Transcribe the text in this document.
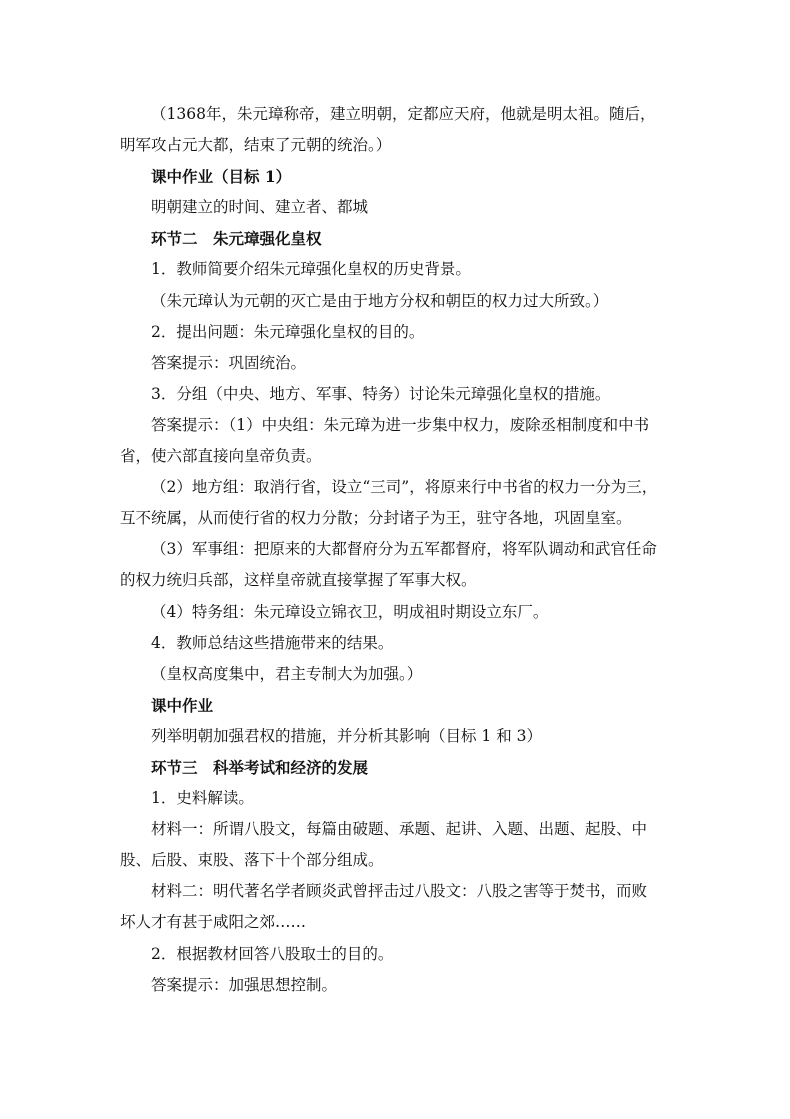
（1368年，朱元璋称帝，建立明朝，定都应天府，他就是明太祖。随后，
明军攻占元大都，结束了元朝的统治。）
课中作业（目标 1）
明朝建立的时间、建立者、都城
环节二　朱元璋强化皇权
1．教师简要介绍朱元璋强化皇权的历史背景。
（朱元璋认为元朝的灭亡是由于地方分权和朝臣的权力过大所致。）
2．提出问题：朱元璋强化皇权的目的。
答案提示：巩固统治。
3．分组（中央、地方、军事、特务）讨论朱元璋强化皇权的措施。
答案提示：（1）中央组：朱元璋为进一步集中权力，废除丞相制度和中书
省，使六部直接向皇帝负责。
（2）地方组：取消行省，设立“三司”，将原来行中书省的权力一分为三，
互不统属，从而使行省的权力分散；分封诸子为王，驻守各地，巩固皇室。
（3）军事组：把原来的大都督府分为五军都督府，将军队调动和武官任命
的权力统归兵部，这样皇帝就直接掌握了军事大权。
（4）特务组：朱元璋设立锦衣卫，明成祖时期设立东厂。
4．教师总结这些措施带来的结果。
（皇权高度集中，君主专制大为加强。）
课中作业
列举明朝加强君权的措施，并分析其影响（目标 1 和 3）
环节三　科举考试和经济的发展
1．史料解读。
材料一：所谓八股文，每篇由破题、承题、起讲、入题、出题、起股、中
股、后股、束股、落下十个部分组成。
材料二：明代著名学者顾炎武曾抨击过八股文：八股之害等于焚书，而败
坏人才有甚于咸阳之郊……
2．根据教材回答八股取士的目的。
答案提示：加强思想控制。
